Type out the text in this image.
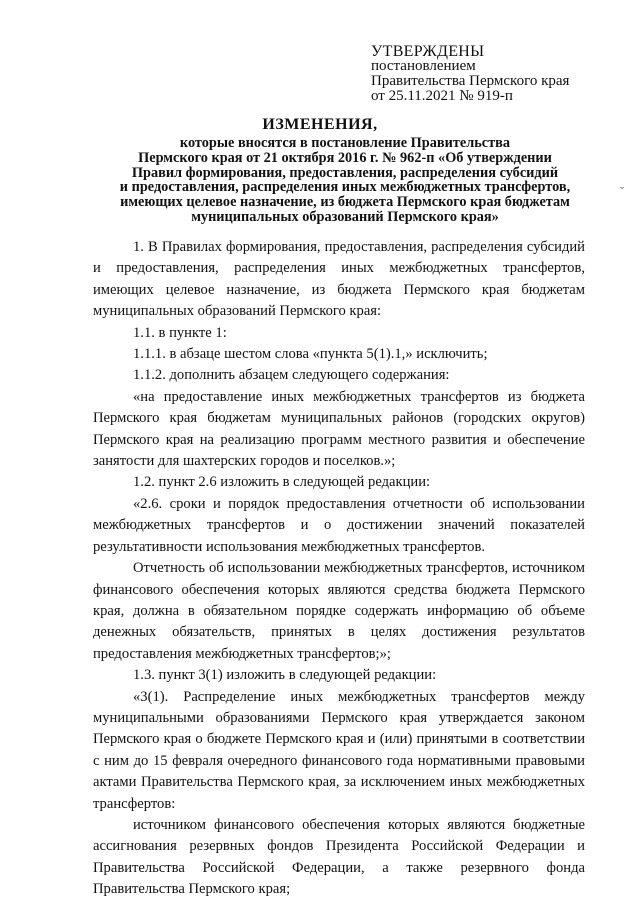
УТВЕРЖДЕНЫ
постановлением
Правительства Пермского края
от 25.11.2021 № 919-п
ИЗМЕНЕНИЯ,
которые вносятся в постановление Правительства
Пермского края от 21 октября 2016 г. № 962-п «Об утверждении
Правил формирования, предоставления, распределения субсидий
и предоставления, распределения иных межбюджетных трансфертов,
имеющих целевое назначение, из бюджета Пермского края бюджетам
муниципальных образований Пермского края»
˘

1. В Правилах формирования, предоставления, распределения субсидий и предоставления, распределения иных межбюджетных трансфертов, имеющих целевое назначение, из бюджета Пермского края бюджетам муниципальных образований Пермского края:

1.1. в пункте 1:

1.1.1. в абзаце шестом слова «пункта 5(1).1,» исключить;

1.1.2. дополнить абзацем следующего содержания:

«на предоставление иных межбюджетных трансфертов из бюджета Пермского края бюджетам муниципальных районов (городских округов) Пермского края на реализацию программ местного развития и обеспечение занятости для шахтерских городов и поселков.»;

1.2. пункт 2.6 изложить в следующей редакции:

«2.6. сроки и порядок предоставления отчетности об использовании межбюджетных трансфертов и о достижении значений показателей результативности использования межбюджетных трансфертов.

Отчетность об использовании межбюджетных трансфертов, источником финансового обеспечения которых являются средства бюджета Пермского края, должна в обязательном порядке содержать информацию об объеме денежных обязательств, принятых в целях достижения результатов предоставления межбюджетных трансфертов;»;

1.3. пункт 3(1) изложить в следующей редакции:

«3(1). Распределение иных межбюджетных трансфертов между муниципальными образованиями Пермского края утверждается законом Пермского края о бюджете Пермского края и (или) принятыми в соответствии с ним до 15 февраля очередного финансового года нормативными правовыми актами Правительства Пермского края, за исключением иных межбюджетных трансфертов:

источником финансового обеспечения которых являются бюджетные ассигнования резервных фондов Президента Российской Федерации и Правительства Российской Федерации, а также резервного фонда Правительства Пермского края;
